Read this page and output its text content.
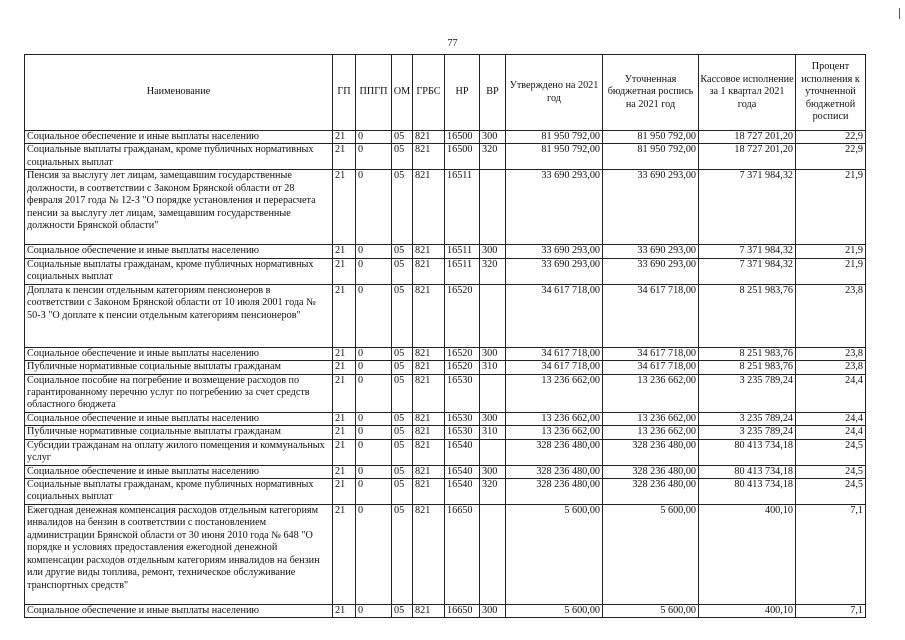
77
Наименование	ГП	ППГП	ОМ	ГРБС	НР	ВР	Утверждено на 2021 год	Уточненная бюджетная роспись на 2021 год	Кассовое исполнение за 1 квартал 2021 года	Процент исполнения к уточненной бюджетной росписи
Социальное обеспечение и иные выплаты населению	21	0	05	821	16500	300	81 950 792,00	81 950 792,00	18 727 201,20	22,9
Социальные выплаты гражданам, кроме публичных нормативных социальных выплат	21	0	05	821	16500	320	81 950 792,00	81 950 792,00	18 727 201,20	22,9
Пенсия за выслугу лет лицам, замещавшим государственные должности, в соответствии с Законом Брянской области от 28 февраля 2017 года № 12-З "О порядке установления и перерасчета пенсии за выслугу лет лицам, замещавшим государственные должности Брянской области"	21	0	05	821	16511		33 690 293,00	33 690 293,00	7 371 984,32	21,9
Социальное обеспечение и иные выплаты населению	21	0	05	821	16511	300	33 690 293,00	33 690 293,00	7 371 984,32	21,9
Социальные выплаты гражданам, кроме публичных нормативных социальных выплат	21	0	05	821	16511	320	33 690 293,00	33 690 293,00	7 371 984,32	21,9
Доплата к пенсии отдельным категориям пенсионеров в соответствии с Законом Брянской области от 10 июля 2001 года № 50-З "О доплате к пенсии отдельным категориям пенсионеров"	21	0	05	821	16520		34 617 718,00	34 617 718,00	8 251 983,76	23,8
Социальное обеспечение и иные выплаты населению	21	0	05	821	16520	300	34 617 718,00	34 617 718,00	8 251 983,76	23,8
Публичные нормативные социальные выплаты гражданам	21	0	05	821	16520	310	34 617 718,00	34 617 718,00	8 251 983,76	23,8
Социальное пособие на погребение и возмещение расходов по гарантированному перечню услуг по погребению за счет средств областного бюджета	21	0	05	821	16530		13 236 662,00	13 236 662,00	3 235 789,24	24,4
Социальное обеспечение и иные выплаты населению	21	0	05	821	16530	300	13 236 662,00	13 236 662,00	3 235 789,24	24,4
Публичные нормативные социальные выплаты гражданам	21	0	05	821	16530	310	13 236 662,00	13 236 662,00	3 235 789,24	24,4
Субсидии гражданам на оплату жилого помещения и коммунальных услуг	21	0	05	821	16540		328 236 480,00	328 236 480,00	80 413 734,18	24,5
Социальное обеспечение и иные выплаты населению	21	0	05	821	16540	300	328 236 480,00	328 236 480,00	80 413 734,18	24,5
Социальные выплаты гражданам, кроме публичных нормативных социальных выплат	21	0	05	821	16540	320	328 236 480,00	328 236 480,00	80 413 734,18	24,5
Ежегодная денежная компенсация расходов отдельным категориям инвалидов на бензин в соответствии с постановлением администрации Брянской области от 30 июня 2010 года № 648 "О порядке и условиях предоставления ежегодной денежной компенсации расходов отдельным категориям инвалидов на бензин или другие виды топлива, ремонт, техническое обслуживание транспортных средств"	21	0	05	821	16650		5 600,00	5 600,00	400,10	7,1
Социальное обеспечение и иные выплаты населению	21	0	05	821	16650	300	5 600,00	5 600,00	400,10	7,1
